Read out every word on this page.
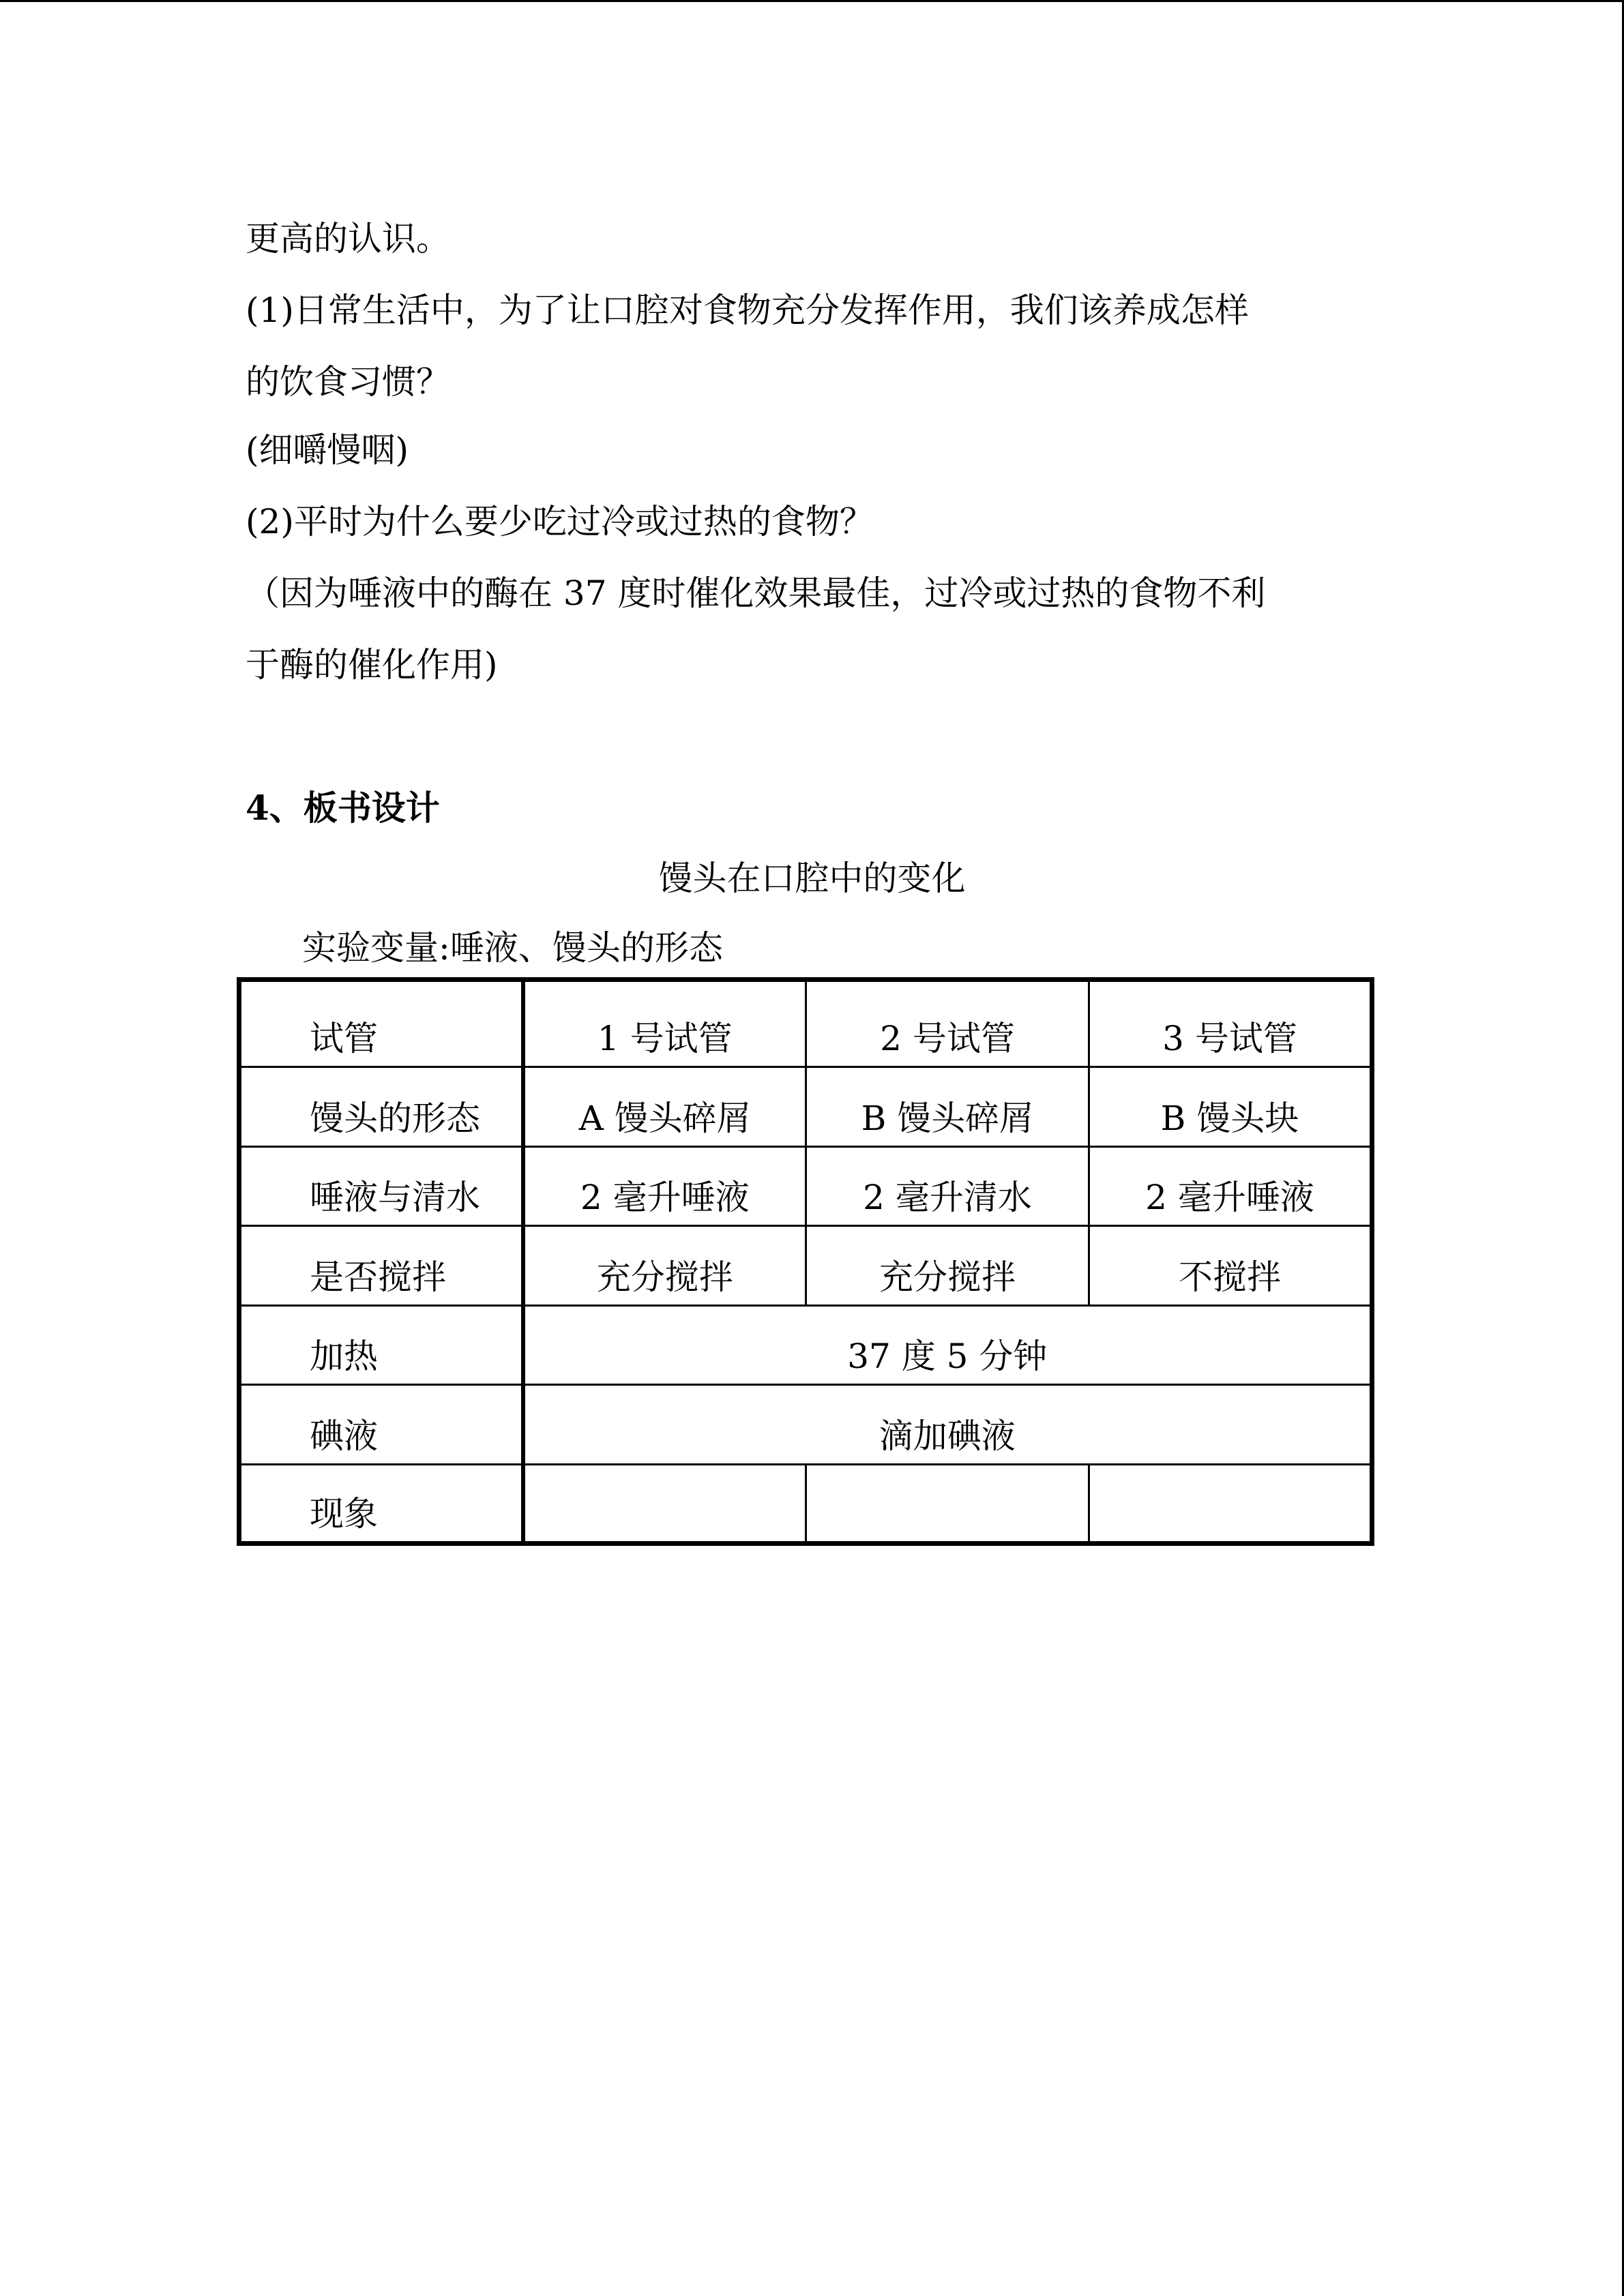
更高的认识。
(1)日常生活中，为了让口腔对食物充分发挥作用，我们该养成怎样
的饮食习惯？
(细嚼慢咽)
(2)平时为什么要少吃过冷或过热的食物？
（因为唾液中的酶在 37 度时催化效果最佳，过冷或过热的食物不利
于酶的催化作用)
4、板书设计
馒头在口腔中的变化
实验变量:唾液、馒头的形态
试管	1 号试管	2 号试管	3 号试管
馒头的形态	A 馒头碎屑	B 馒头碎屑	B 馒头块
唾液与清水	2 毫升唾液	2 毫升清水	2 毫升唾液
是否搅拌	充分搅拌	充分搅拌	不搅拌
加热	37 度 5 分钟		
碘液	滴加碘液		
现象			
